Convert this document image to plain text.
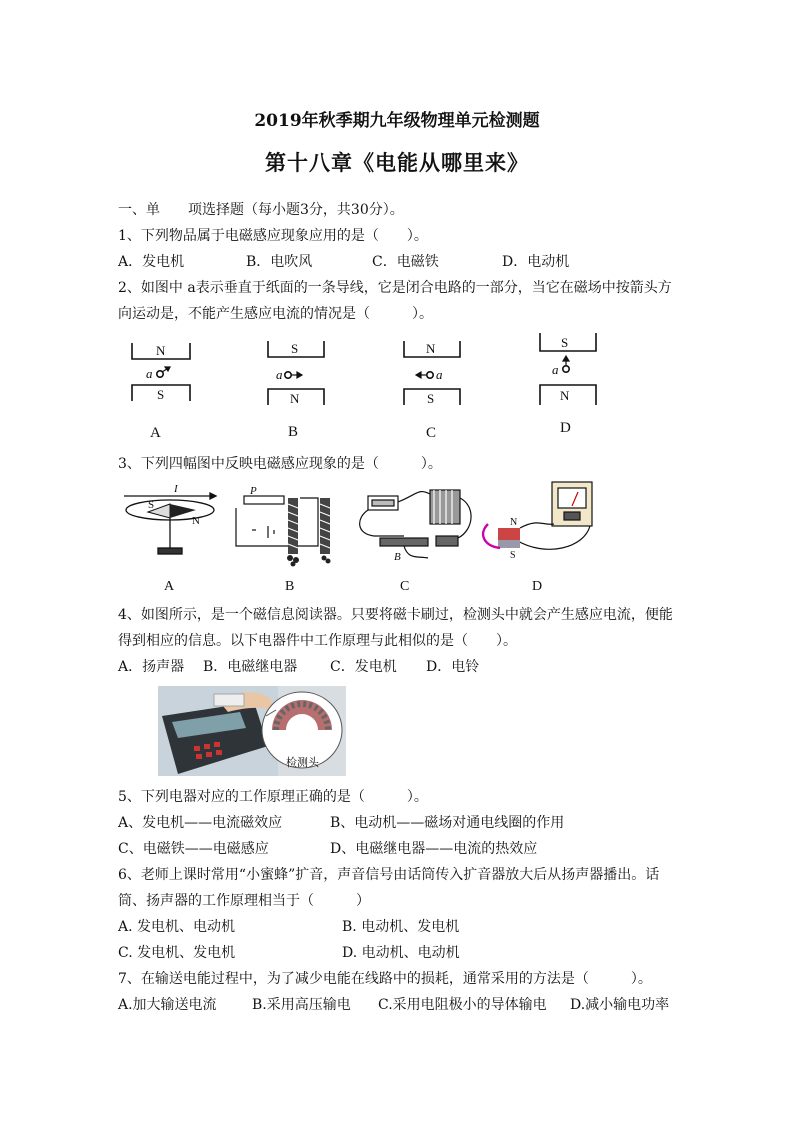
2019年秋季期九年级物理单元检测题
第十八章《电能从哪里来》
一、单　　项选择题（每小题3分，共30分）。
1、下列物品属于电磁感应现象应用的是（　　）。
A．发电机	B．电吹风	C．电磁铁	D．电动机
2、如图中 a表示垂直于纸面的一条导线，它是闭合电路的一部分，当它在磁场中按箭头方
向运动是，不能产生感应电流的情况是（　　　）。
N
S
a
S
N
a
N
S
a
S
N
a
A	B	C	D
3、下列四幅图中反映电磁感应现象的是（　　　）。
I
S
N
P
B
N
S
A	B	C	D
4、如图所示，是一个磁信息阅读器。只要将磁卡刷过，检测头中就会产生感应电流，便能
得到相应的信息。以下电器件中工作原理与此相似的是（　　）。
A．扬声器 B．电磁继电器 C．发电机 D．电铃
检测头
5、下列电器对应的工作原理正确的是（　　　）。
A、发电机——电流磁效应	B、电动机——磁场对通电线圈的作用
C、电磁铁——电磁感应	D、电磁继电器——电流的热效应
6、老师上课时常用“小蜜蜂”扩音，声音信号由话筒传入扩音器放大后从扬声器播出。话
筒、扬声器的工作原理相当于（　　　）
A. 发电机、电动机	B. 电动机、发电机
C. 发电机、发电机	D. 电动机、电动机
7、在输送电能过程中，为了减少电能在线路中的损耗，通常采用的方法是（　　　）。
A.加大输送电流	B.采用高压输电 C.采用电阻极小的导体输电 D.减小输电功率
